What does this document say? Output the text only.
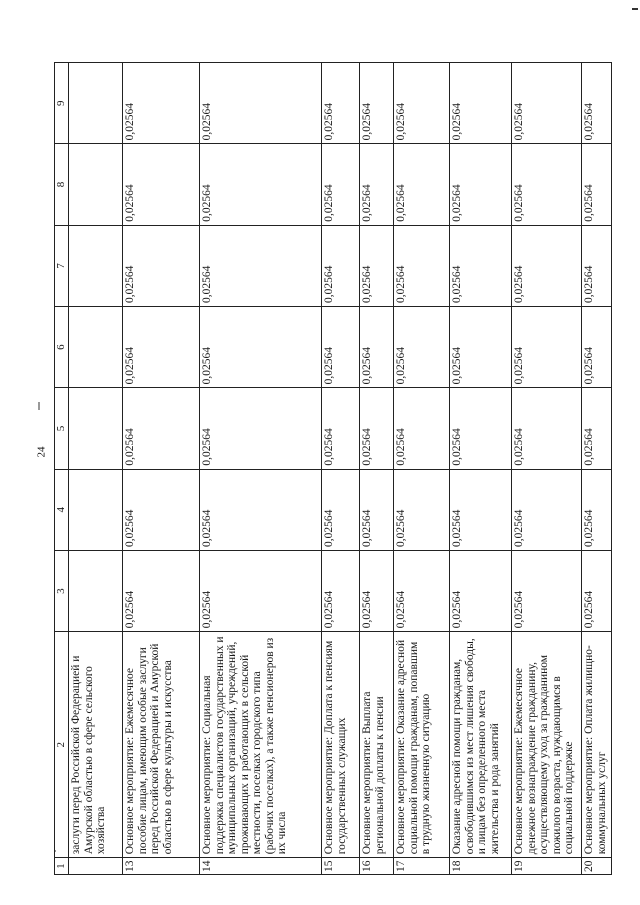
24
1	2	3	4	5	6	7	8	9
	заслуги перед Российской Федерацией и Амурской областью в сфере сельского хозяйства							
13	Основное мероприятие: Ежемесячное пособие лицам, имеющим особые заслуги перед Российской Федерацией и Амурской областью в сфере культуры и искусства	0,02564	0,02564	0,02564	0,02564	0,02564	0,02564	0,02564
14	Основное мероприятие: Социальная поддержка специалистов государственных и муниципальных организаций, учреждений, проживающих и работающих в сельской местности, поселках городского типа (рабочих поселках), а также пенсионеров из их числа	0,02564	0,02564	0,02564	0,02564	0,02564	0,02564	0,02564
15	Основное мероприятие: Доплата к пенсиям государственных служащих	0,02564	0,02564	0,02564	0,02564	0,02564	0,02564	0,02564
16	Основное мероприятие: Выплата региональной доплаты к пенсии	0,02564	0,02564	0,02564	0,02564	0,02564	0,02564	0,02564
17	Основное мероприятие: Оказание адресной социальной помощи гражданам, попавшим в трудную жизненную ситуацию	0,02564	0,02564	0,02564	0,02564	0,02564	0,02564	0,02564
18	Оказание адресной помощи гражданам, освободившимся из мест лишения свободы, и лицам без определенного места жительства и рода занятий	0,02564	0,02564	0,02564	0,02564	0,02564	0,02564	0,02564
19	Основное мероприятие: Ежемесячное денежное вознаграждение гражданину, осуществляющему уход за гражданином пожилого возраста, нуждающимся в социальной поддержке	0,02564	0,02564	0,02564	0,02564	0,02564	0,02564	0,02564
20	Основное мероприятие: Оплата жилищно-коммунальных услуг	0,02564	0,02564	0,02564	0,02564	0,02564	0,02564	0,02564
